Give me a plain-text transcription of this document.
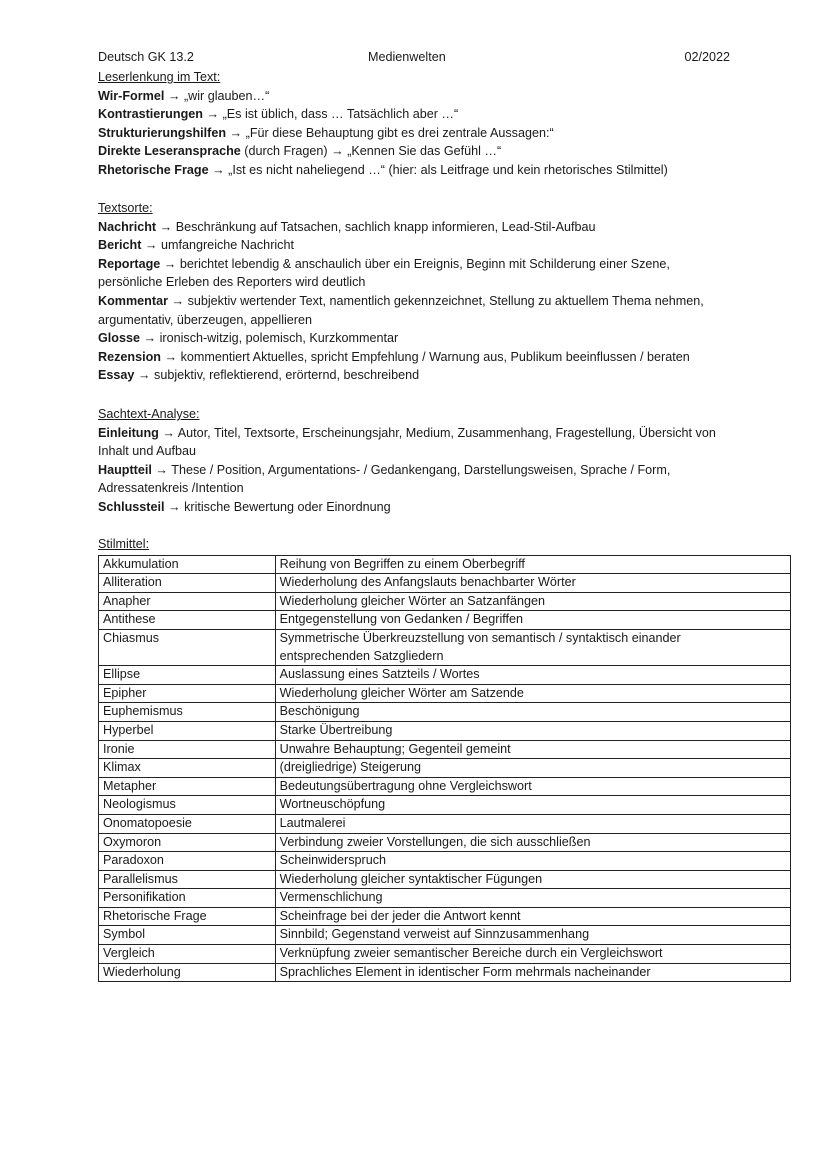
Deutsch GK 13.2	Medienwelten	02/2022
Leserlenkung im Text:
Wir-Formel → „wir glauben…“
Kontrastierungen → „Es ist üblich, dass … Tatsächlich aber …“
Strukturierungshilfen → „Für diese Behauptung gibt es drei zentrale Aussagen:“
Direkte Leseransprache (durch Fragen) → „Kennen Sie das Gefühl …“
Rhetorische Frage → „Ist es nicht naheliegend …“ (hier: als Leitfrage und kein rhetorisches Stilmittel)
Textsorte:
Nachricht → Beschränkung auf Tatsachen, sachlich knapp informieren, Lead-Stil-Aufbau
Bericht → umfangreiche Nachricht
Reportage → berichtet lebendig & anschaulich über ein Ereignis, Beginn mit Schilderung einer Szene,
persönliche Erleben des Reporters wird deutlich
Kommentar → subjektiv wertender Text, namentlich gekennzeichnet, Stellung zu aktuellem Thema nehmen,
argumentativ, überzeugen, appellieren
Glosse → ironisch-witzig, polemisch, Kurzkommentar
Rezension → kommentiert Aktuelles, spricht Empfehlung / Warnung aus, Publikum beeinflussen / beraten
Essay → subjektiv, reflektierend, erörternd, beschreibend
Sachtext-Analyse:
Einleitung → Autor, Titel, Textsorte, Erscheinungsjahr, Medium, Zusammenhang, Fragestellung, Übersicht von
Inhalt und Aufbau
Hauptteil → These / Position, Argumentations- / Gedankengang, Darstellungsweisen, Sprache / Form,
Adressatenkreis /Intention
Schlussteil → kritische Bewertung oder Einordnung
Stilmittel:
Akkumulation	Reihung von Begriffen zu einem Oberbegriff

Alliteration	Wiederholung des Anfangslauts benachbarter Wörter

Anapher	Wiederholung gleicher Wörter an Satzanfängen

Antithese	Entgegenstellung von Gedanken / Begriffen

Chiasmus	Symmetrische Überkreuzstellung von semantisch / syntaktisch einander
entsprechenden Satzgliedern

Ellipse	Auslassung eines Satzteils / Wortes

Epipher	Wiederholung gleicher Wörter am Satzende

Euphemismus	Beschönigung

Hyperbel	Starke Übertreibung

Ironie	Unwahre Behauptung; Gegenteil gemeint

Klimax	(dreigliedrige) Steigerung

Metapher	Bedeutungsübertragung ohne Vergleichswort

Neologismus	Wortneuschöpfung

Onomatopoesie	Lautmalerei

Oxymoron	Verbindung zweier Vorstellungen, die sich ausschließen

Paradoxon	Scheinwiderspruch

Parallelismus	Wiederholung gleicher syntaktischer Fügungen

Personifikation	Vermenschlichung

Rhetorische Frage	Scheinfrage bei der jeder die Antwort kennt

Symbol	Sinnbild; Gegenstand verweist auf Sinnzusammenhang

Vergleich	Verknüpfung zweier semantischer Bereiche durch ein Vergleichswort

Wiederholung	Sprachliches Element in identischer Form mehrmals nacheinander
